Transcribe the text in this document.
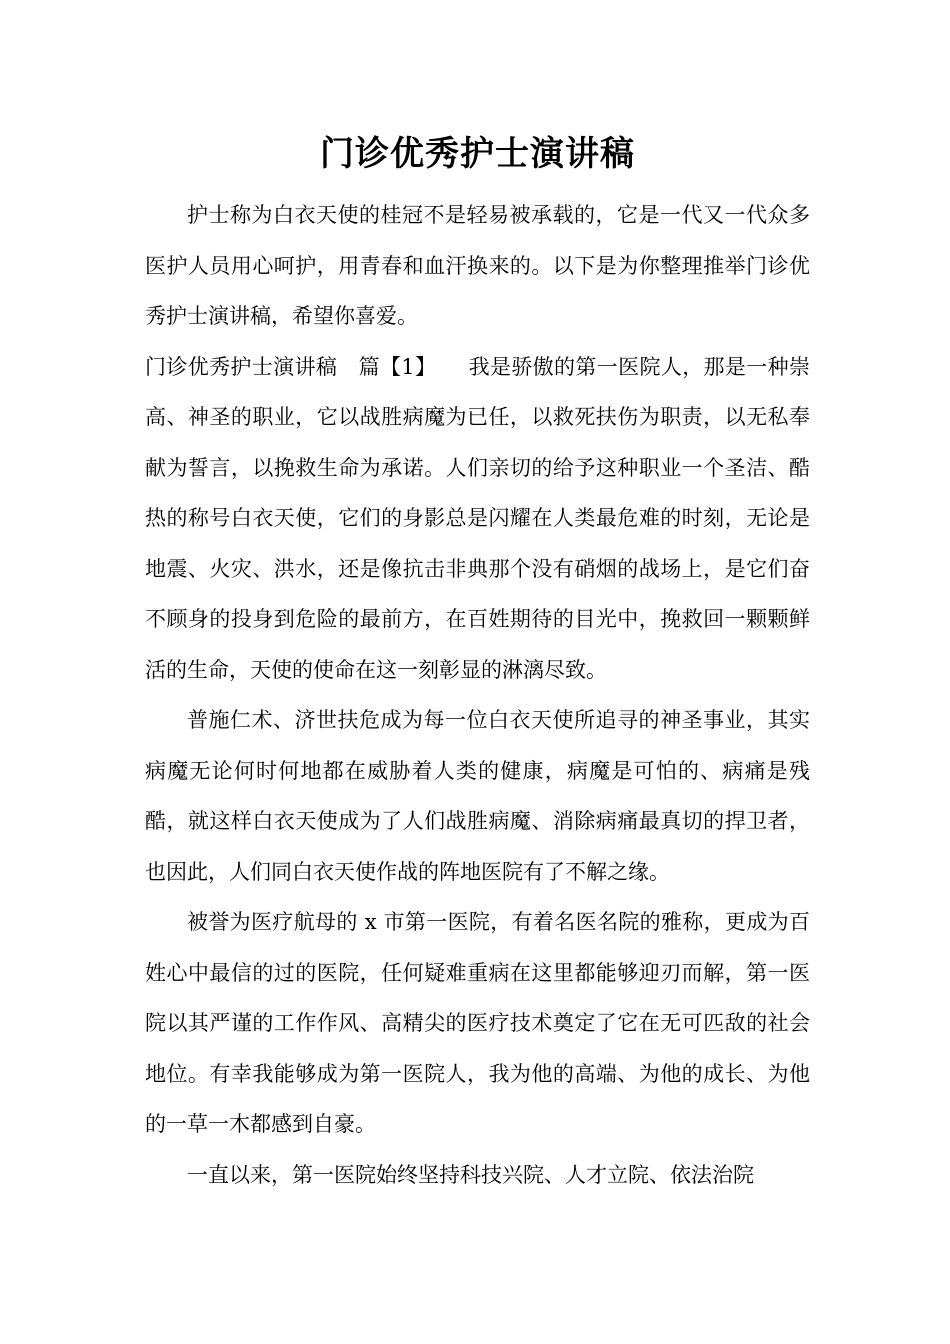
门诊优秀护士演讲稿

护士称为白衣天使的桂冠不是轻易被承载的，它是一代又一代众多医护人员用心呵护，用青春和血汗换来的。以下是为你整理推举门诊优秀护士演讲稿，希望你喜爱。

门诊优秀护士演讲稿　篇【1】　　我是骄傲的第一医院人，那是一种崇高、神圣的职业，它以战胜病魔为已任，以救死扶伤为职责，以无私奉献为誓言，以挽救生命为承诺。人们亲切的给予这种职业一个圣洁、酷热的称号白衣天使，它们的身影总是闪耀在人类最危难的时刻，无论是地震、火灾、洪水，还是像抗击非典那个没有硝烟的战场上，是它们奋不顾身的投身到危险的最前方，在百姓期待的目光中，挽救回一颗颗鲜活的生命，天使的使命在这一刻彰显的淋漓尽致。

普施仁术、济世扶危成为每一位白衣天使所追寻的神圣事业，其实病魔无论何时何地都在威胁着人类的健康，病魔是可怕的、病痛是残酷，就这样白衣天使成为了人们战胜病魔、消除病痛最真切的捍卫者，也因此，人们同白衣天使作战的阵地医院有了不解之缘。

被誉为医疗航母的 x 市第一医院，有着名医名院的雅称，更成为百姓心中最信的过的医院，任何疑难重病在这里都能够迎刃而解，第一医院以其严谨的工作作风、高精尖的医疗技术奠定了它在无可匹敌的社会地位。有幸我能够成为第一医院人，我为他的高端、为他的成长、为他的一草一木都感到自豪。

一直以来，第一医院始终坚持科技兴院、人才立院、依法治院
